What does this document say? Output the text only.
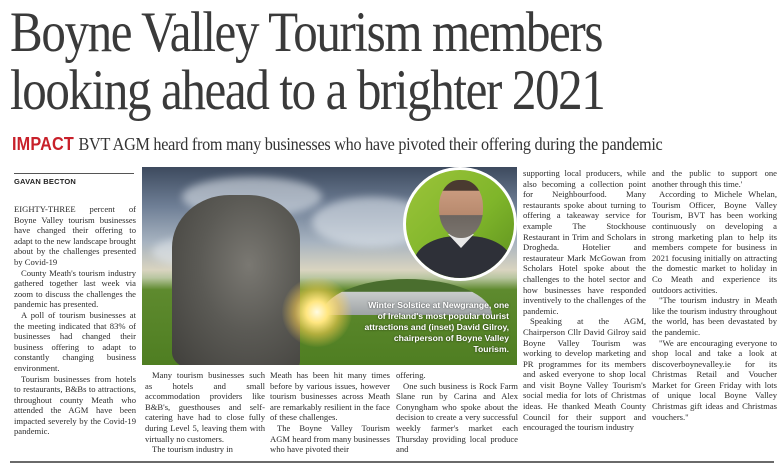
Boyne Valley Tourism members
looking ahead to a brighter 2021
IMPACT BVT AGM heard from many businesses who have pivoted their offering during the pandemic
GAVAN BECTON

EIGHTY-THREE percent of Boyne Valley tourism businesses have changed their offering to adapt to the new landscape brought about by the challenges presented by Covid-19

County Meath's tourism industry gathered together last week via zoom to discuss the challenges the pandemic has presented.

A poll of tourism businesses at the meeting indicated that 83% of businesses had changed their business offering to adapt to constantly changing business environment.

Tourism businesses from hotels to restaurants, B&Bs to attractions, throughout county Meath who attended the AGM have been impacted severely by the Covid-19 pandemic.

Winter Solstice at Newgrange, one of Ireland's most popular tourist attractions and (inset) David Gilroy, chairperson of Boyne Valley Tourism.

Many tourism businesses such as hotels and small accommodation providers like B&B's, guesthouses and self-catering have had to close fully during Level 5, leaving them with virtually no customers.

The tourism industry in

Meath has been hit many times before by various issues, however tourism businesses across Meath are remarkably resilient in the face of these challenges.

The Boyne Valley Tourism AGM heard from many businesses who have pivoted their

offering.

One such business is Rock Farm Slane run by Carina and Alex Conyngham who spoke about the decision to create a very successful weekly farmer's market each Thursday providing local produce and

supporting local producers, while also becoming a collection point for Neighbourfood. Many restaurants spoke about turning to offering a takeaway service for example The Stockhouse Restaurant in Trim and Scholars in Drogheda. Hotelier and restaurateur Mark McGowan from Scholars Hotel spoke about the challenges to the hotel sector and how businesses have responded inventively to the challenges of the pandemic.

Speaking at the AGM, Chairperson Cllr David Gilroy said Boyne Valley Tourism was working to develop marketing and PR programmes for its members and asked everyone to shop local and visit Boyne Valley Tourism's social media for lots of Christmas ideas. He thanked Meath County Council for their support and encouraged the tourism industry

and the public to support one another through this time.'

According to Michele Whelan, Tourism Officer, Boyne Valley Tourism, BVT has been working continuously on developing a strong marketing plan to help its members compete for business in 2021 focusing initially on attracting the domestic market to holiday in Co Meath and experience its outdoors activities.

"The tourism industry in Meath like the tourism industry throughout the world, has been devastated by the pandemic.

"We are encouraging everyone to shop local and take a look at discoverboynevalley.ie for its Christmas Retail and Voucher Market for Green Friday with lots of unique local Boyne Valley Christmas gift ideas and Christmas vouchers."
